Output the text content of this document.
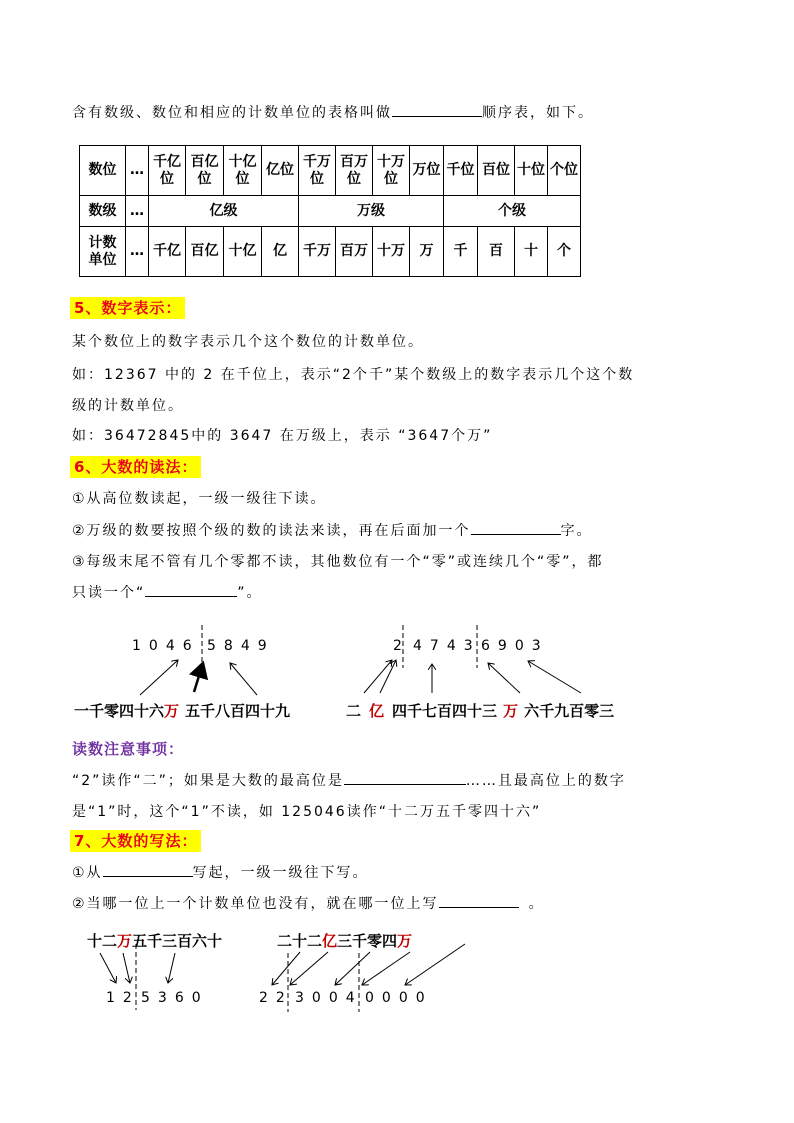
含有数级、数位和相应的计数单位的表格叫做	顺序表，如下。
数位	…	千亿位	百亿位	十亿位	亿位	千万位	百万位	十万位	万位	千位	百位	十位	个位
数级	…	亿级				万级				个级			

计数单位	…	千亿	百亿	十亿	亿	千万	百万	十万	万	千	百	十	个
5、数字表示：
某个数位上的数字表示几个这个数位的计数单位。
如：12367 中的 2 在千位上，表示“2个千”某个数级上的数字表示几个这个数
级的计数单位。
如：36472845中的 3647 在万级上，表示 “3647个万”
6、大数的读法：
①从高位数读起，一级一级往下读。
②万级的数要按照个级的数的读法来读，再在后面加一个	字。
③每级末尾不管有几个零都不读，其他数位有一个“零”或连续几个“零”，都
只读一个“	”。
1046 5849
一千零四十六万 五千八百四十九
2 4743 6903
二 亿 四千七百四十三 万 六千九百零三
读数注意事项：
“2”读作“二”；如果是大数的最高位是	……且最高位上的数字
是“1”时，这个“1”不读，如 125046读作“十二万五千零四十六”
7、大数的写法：
①从	写起，一级一级往下写。
②当哪一位上一个计数单位也没有，就在哪一位上写	。
十二万五千三百六十
12 5360
二十二亿三千零四万
22 3004 0000
